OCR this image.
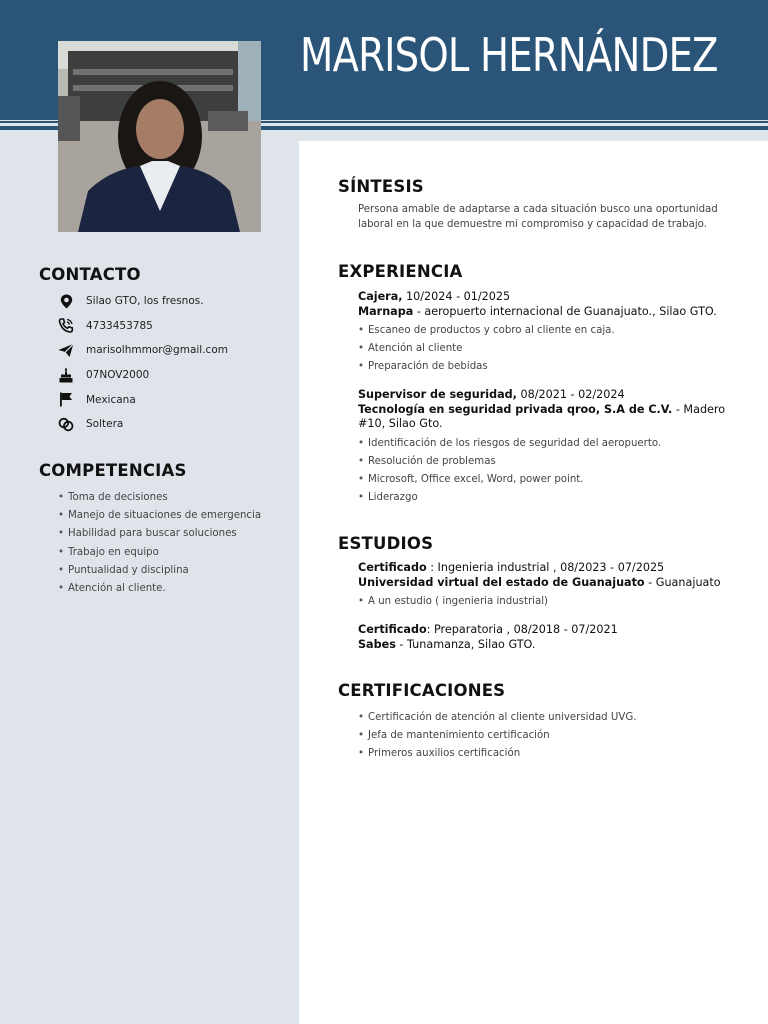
MARISOL HERNÁNDEZ
CONTACTO
Silao GTO, los fresnos.
4733453785
marisolhmmor@gmail.com
07NOV2000
Mexicana
Soltera
COMPETENCIAS
• Toma de decisiones
• Manejo de situaciones de emergencia
• Habilidad para buscar soluciones
• Trabajo en equipo
• Puntualidad y disciplina
• Atención al cliente.
SÍNTESIS
Persona amable de adaptarse a cada situación busco una oportunidad laboral en la que demuestre mi compromiso y capacidad de trabajo.
EXPERIENCIA
Cajera, 10/2024 - 01/2025
Marnapa - aeropuerto internacional de Guanajuato., Silao GTO.
• Escaneo de productos y cobro al cliente en caja.
• Atención al cliente
• Preparación de bebidas
Supervisor de seguridad, 08/2021 - 02/2024
Tecnología en seguridad privada qroo, S.A de C.V. - Madero #10, Silao Gto.
• Identificación de los riesgos de seguridad del aeropuerto.
• Resolución de problemas
• Microsoft, Office excel, Word, power point.
• Liderazgo
ESTUDIOS
Certificado : Ingenieria industrial , 08/2023 - 07/2025
Universidad virtual del estado de Guanajuato - Guanajuato
• A un estudio ( ingenieria industrial)
Certificado: Preparatoria , 08/2018 - 07/2021
Sabes - Tunamanza, Silao GTO.
CERTIFICACIONES
• Certificación de atención al cliente universidad UVG.
• Jefa de mantenimiento certificación
• Primeros auxilios certificación
